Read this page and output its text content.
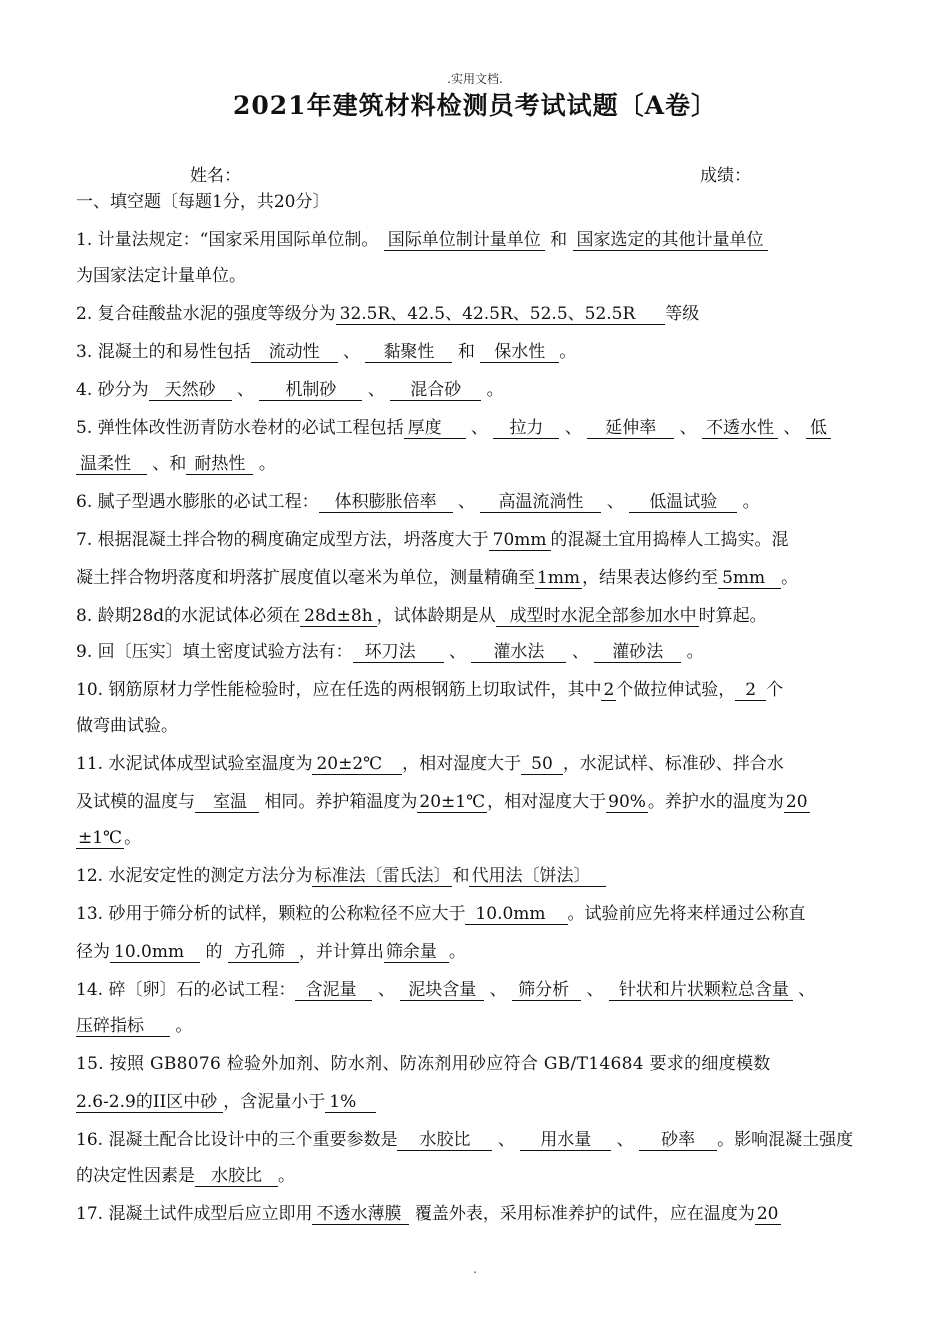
.实用文档.
2021年建筑材料检测员考试试题〔A卷〕
姓名：	成绩：
一、填空题〔每题1分，共20分〕
1. 计量法规定：“国家采用国际单位制。 国际单位制计量单位 和 国家选定的其他计量单位
为国家法定计量单位。
2. 复合硅酸盐水泥的强度等级分为 32.5R、42.5、42.5R、52.5、52.5R 等级
3. 混凝土的和易性包括 流动性 、 黏聚性 和 保水性 。
4. 砂分为 天然砂 、 机制砂 、 混合砂 。
5. 弹性体改性沥青防水卷材的必试工程包括 厚度 、 拉力 、 延伸率 、 不透水性 、 低
温柔性 、和 耐热性 。
6. 腻子型遇水膨胀的必试工程： 体积膨胀倍率 、 高温流淌性 、 低温试验 。
7. 根据混凝土拌合物的稠度确定成型方法，坍落度大于 70mm 的混凝土宜用捣棒人工捣实。混
凝土拌合物坍落度和坍落扩展度值以毫米为单位，测量精确至 1mm ，结果表达修约至 5mm 。
8. 龄期28d的水泥试体必须在 28d±8h ，试体龄期是从 成型时水泥全部参加水中 时算起。
9. 回〔压实〕填土密度试验方法有： 环刀法 、 灌水法 、 灌砂法 。
10. 钢筋原材力学性能检验时，应在任选的两根钢筋上切取试件，其中 2 个做拉伸试验， 2 个
做弯曲试验。
11. 水泥试体成型试验室温度为 20±2℃ ，相对湿度大于 50 ，水泥试样、标准砂、拌合水
及试模的温度与 室温 相同。养护箱温度为 20±1℃ ，相对湿度大于 90% 。养护水的温度为 20
±1℃ 。
12. 水泥安定性的测定方法分为 标准法〔雷氏法〕 和 代用法〔饼法〕
13. 砂用于筛分析的试样，颗粒的公称粒径不应大于 10.0mm 。试验前应先将来样通过公称直
径为 10.0mm 的 方孔筛 ，并计算出 筛余量 。
14. 碎〔卵〕石的必试工程： 含泥量 、 泥块含量 、 筛分析 、 针状和片状颗粒总含量 、
压碎指标 。
15. 按照 GB8076 检验外加剂、防水剂、防冻剂用砂应符合 GB/T14684 要求的细度模数
2.6-2.9的II区中砂 ，含泥量小于 1%
16. 混凝土配合比设计中的三个重要参数是 水胶比 、 用水量 、 砂率 。影响混凝土强度
的决定性因素是 水胶比 。
17. 混凝土试件成型后应立即用 不透水薄膜 覆盖外表，采用标准养护的试件，应在温度为 20
.
